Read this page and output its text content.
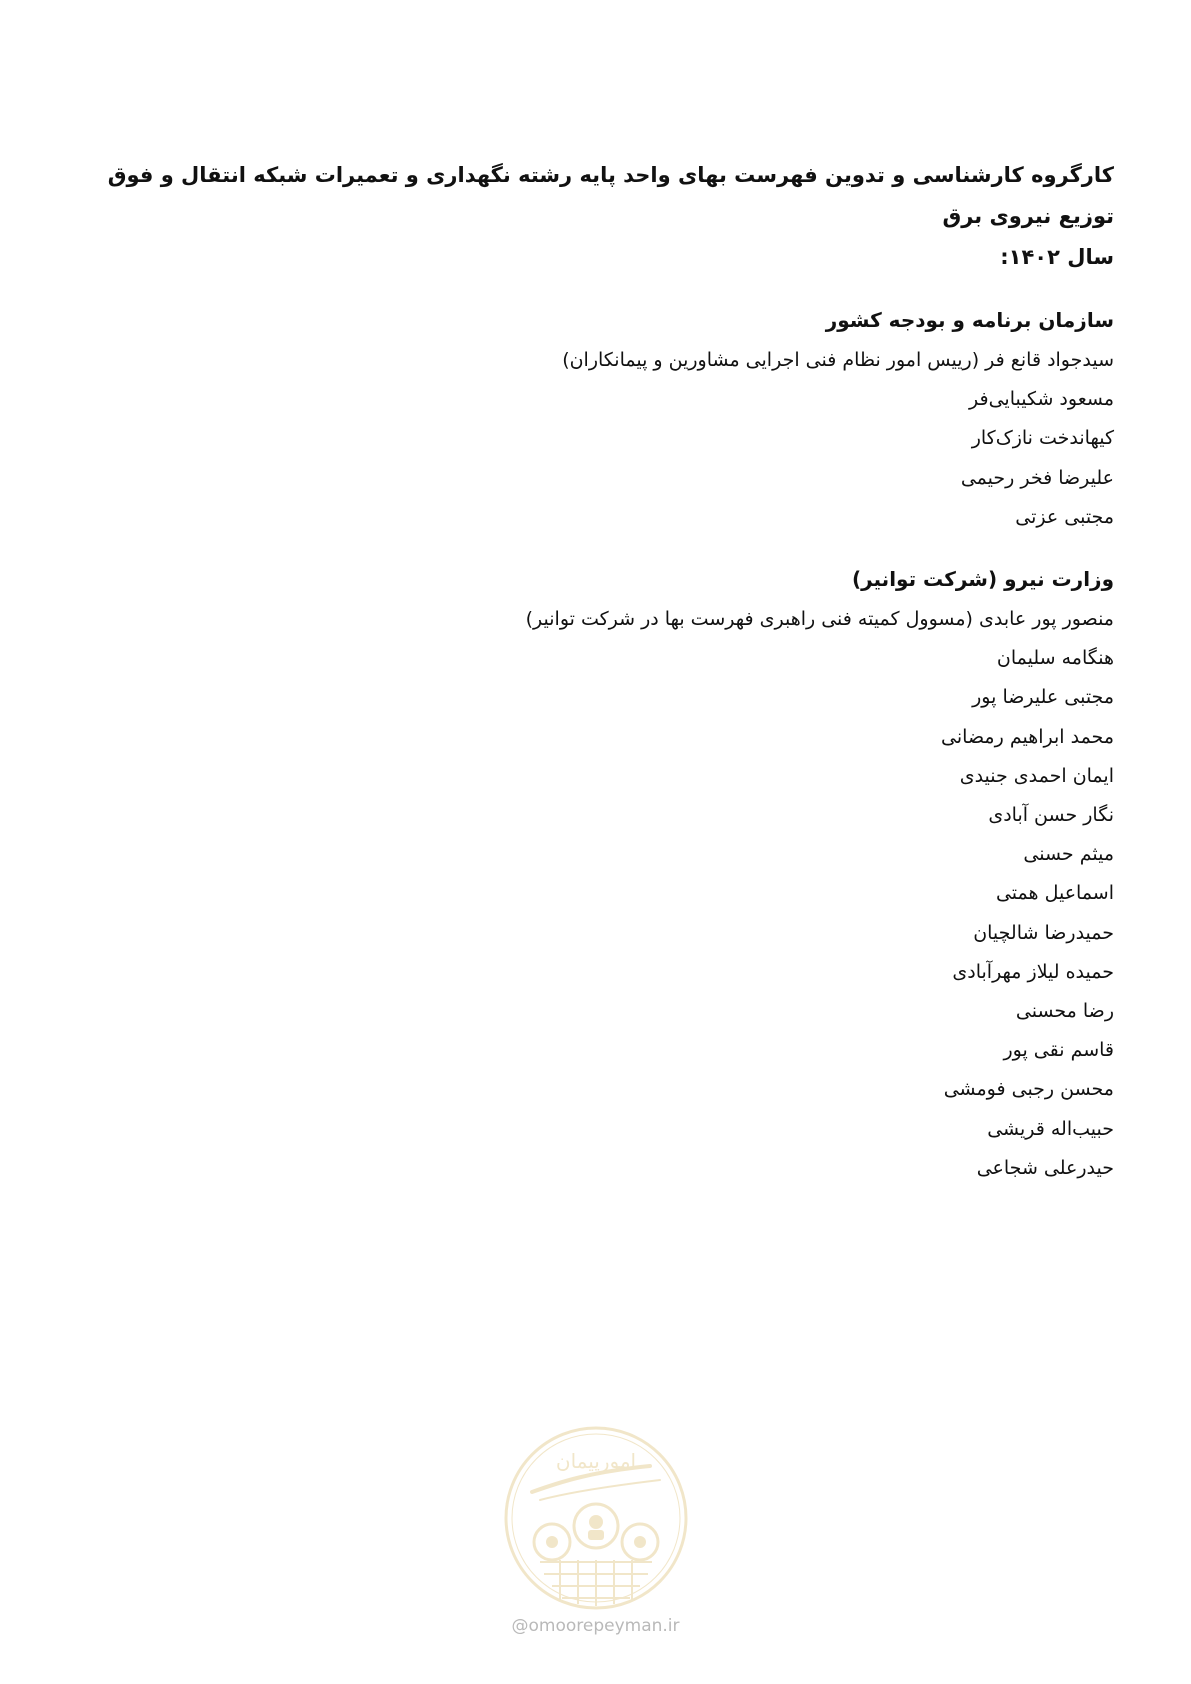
کارگروه کارشناسی و تدوین فهرست بهای واحد پایه رشته نگهداری و تعمیرات شبکه انتقال و فوق توزیع نیروی برق
سال ۱۴۰۲:

سازمان برنامه و بودجه کشور

سیدجواد قانع فر (رییس امور نظام فنی اجرایی مشاورین و پیمانکاران)
مسعود شکیبایی‌فر
کیهاندخت نازک‌کار
علیرضا فخر رحیمی
مجتبی عزتی

وزارت نیرو (شرکت توانیر)

منصور پور عابدی (مسوول کمیته فنی راهبری فهرست بها در شرکت توانیر)
هنگامه سلیمان
مجتبی علیرضا پور
محمد ابراهیم رمضانی
ایمان احمدی جنیدی
نگار حسن آبادی
میثم حسنی
اسماعیل همتی
حمیدرضا شالچیان
حمیده لیلاز مهرآبادی
رضا محسنی
قاسم نقی پور
محسن رجبی فومشی
حبیب‌اله قریشی
حیدرعلی شجاعی
امورپیمان
@omoorepeyman.ir
